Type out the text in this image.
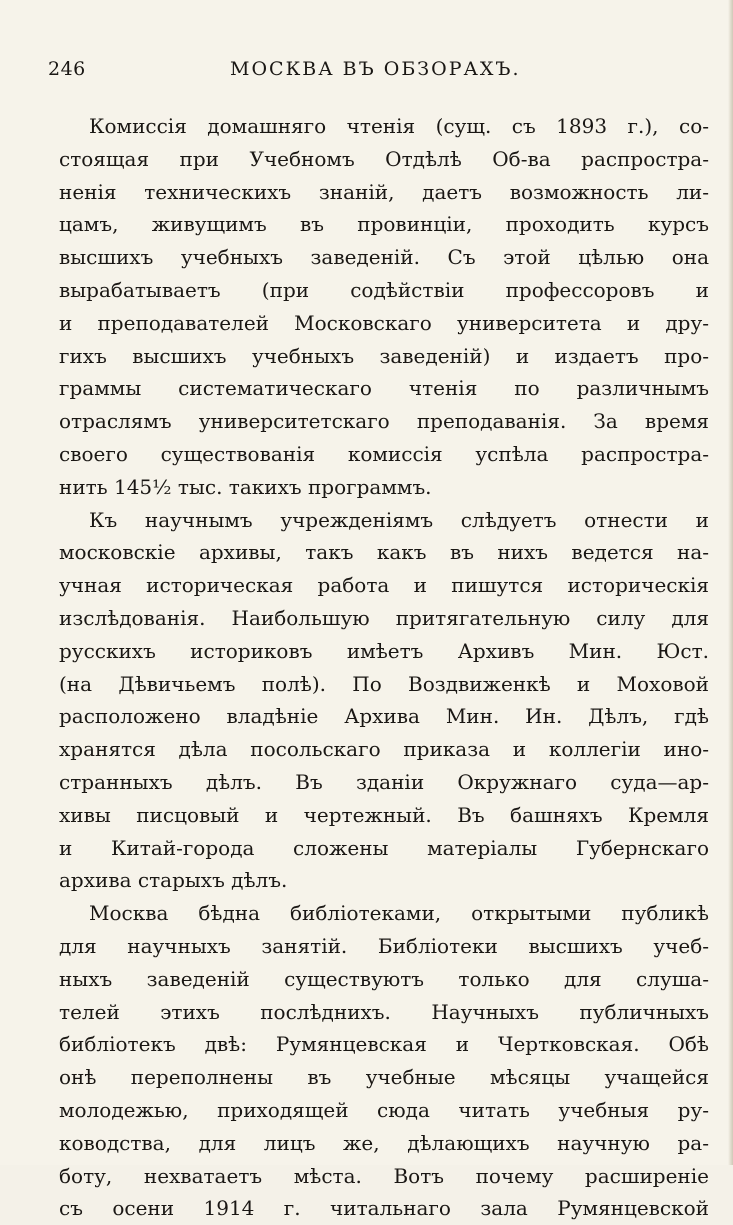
246	МОСКВА ВЪ ОБЗОРАХЪ.
Комиссія домашняго чтенія (сущ. съ 1893 г.), со-
стоящая при Учебномъ Отдѣлѣ Об-ва распростра-
ненія техническихъ знаній, даетъ возможность ли-
цамъ, живущимъ въ провинціи, проходить курсъ
высшихъ учебныхъ заведеній. Съ этой цѣлью она
вырабатываетъ (при содѣйствіи профессоровъ и
и преподавателей Московскаго университета и дру-
гихъ высшихъ учебныхъ заведеній) и издаетъ про-
граммы систематическаго чтенія по различнымъ
отраслямъ университетскаго преподаванія. За время
своего существованія комиссія успѣла распростра-
нить 145½ тыс. такихъ программъ.
Къ научнымъ учрежденіямъ слѣдуетъ отнести и
московскіе архивы, такъ какъ въ нихъ ведется на-
учная историческая работа и пишутся историческія
изслѣдованія. Наибольшую притягательную силу для
русскихъ историковъ имѣетъ Архивъ Мин. Юст.
(на Дѣвичьемъ полѣ). По Воздвиженкѣ и Моховой
расположено владѣніе Архива Мин. Ин. Дѣлъ, гдѣ
хранятся дѣла посольскаго приказа и коллегіи ино-
странныхъ дѣлъ. Въ зданіи Окружнаго суда—ар-
хивы писцовый и чертежный. Въ башняхъ Кремля
и Китай-города сложены матеріалы Губернскаго
архива старыхъ дѣлъ.
Москва бѣдна библіотеками, открытыми публикѣ
для научныхъ занятій. Библіотеки высшихъ учеб-
ныхъ заведеній существуютъ только для слуша-
телей этихъ послѣднихъ. Научныхъ публичныхъ
библіотекъ двѣ: Румянцевская и Чертковская. Обѣ
онѣ переполнены въ учебные мѣсяцы учащейся
молодежью, приходящей сюда читать учебныя ру-
ководства, для лицъ же, дѣлающихъ научную ра-
боту, нехватаетъ мѣста. Вотъ почему расширеніе
съ осени 1914 г. читальнаго зала Румянцевской
